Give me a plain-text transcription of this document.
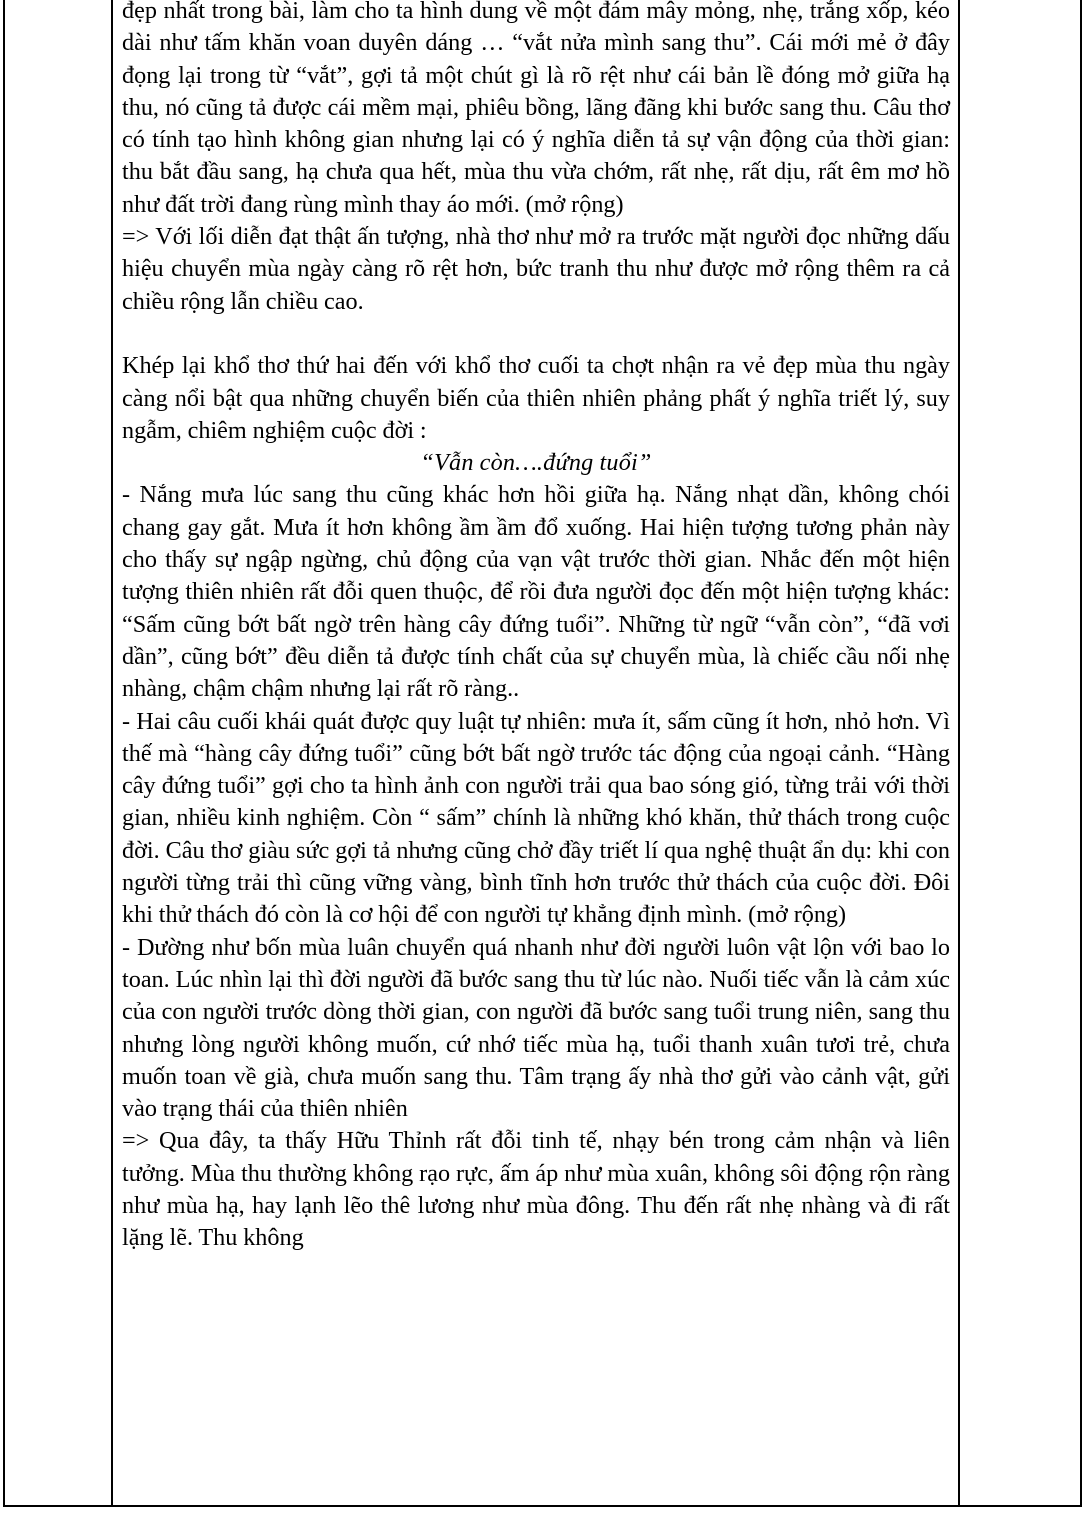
đẹp nhất trong bài, làm cho ta hình dung về một đám mây mỏng, nhẹ, trắng xốp, kéo dài như tấm khăn voan duyên dáng … “vắt nửa mình sang thu”. Cái mới mẻ ở đây đọng lại trong từ “vắt”, gợi tả một chút gì là rõ rệt như cái bản lề đóng mở giữa hạ thu, nó cũng tả được cái mềm mại, phiêu bồng, lãng đãng khi bước sang thu. Câu thơ có tính tạo hình không gian nhưng lại có ý nghĩa diễn tả sự vận động của thời gian: thu bắt đầu sang, hạ chưa qua hết, mùa thu vừa chớm, rất nhẹ, rất dịu, rất êm mơ hồ như đất trời đang rùng mình thay áo mới. (mở rộng)

=> Với lối diễn đạt thật ấn tượng, nhà thơ như mở ra trước mặt người đọc những dấu hiệu chuyển mùa ngày càng rõ rệt hơn, bức tranh thu như được mở rộng thêm ra cả chiều rộng lẫn chiều cao.

Khép lại khổ thơ thứ hai đến với khổ thơ cuối ta chợt nhận ra vẻ đẹp mùa thu ngày càng nổi bật qua những chuyển biến của thiên nhiên phảng phất ý nghĩa triết lý, suy ngẫm, chiêm nghiệm cuộc đời :

“Vẫn còn….đứng tuổi”

- Nắng mưa lúc sang thu cũng khác hơn hồi giữa hạ. Nắng nhạt dần, không chói chang gay gắt. Mưa ít hơn không ầm ầm đổ xuống. Hai hiện tượng tương phản này cho thấy sự ngập ngừng, chủ động của vạn vật trước thời gian. Nhắc đến một hiện tượng thiên nhiên rất đỗi quen thuộc, để rồi đưa người đọc đến một hiện tượng khác: “Sấm cũng bớt bất ngờ trên hàng cây đứng tuổi”. Những từ ngữ “vẫn còn”, “đã vơi dần”, cũng bớt” đều diễn tả được tính chất của sự chuyển mùa, là chiếc cầu nối nhẹ nhàng, chậm chậm nhưng lại rất rõ ràng..

- Hai câu cuối khái quát được quy luật tự nhiên: mưa ít, sấm cũng ít hơn, nhỏ hơn. Vì thế mà “hàng cây đứng tuổi” cũng bớt bất ngờ trước tác động của ngoại cảnh. “Hàng cây đứng tuổi” gợi cho ta hình ảnh con người trải qua bao sóng gió, từng trải với thời gian, nhiều kinh nghiệm. Còn “ sấm” chính là những khó khăn, thử thách trong cuộc đời. Câu thơ giàu sức gợi tả nhưng cũng chở đầy triết lí qua nghệ thuật ẩn dụ: khi con người từng trải thì cũng vững vàng, bình tĩnh hơn trước thử thách của cuộc đời. Đôi khi thử thách đó còn là cơ hội để con người tự khẳng định mình. (mở rộng)

- Dường như bốn mùa luân chuyển quá nhanh như đời người luôn vật lộn với bao lo toan. Lúc nhìn lại thì đời người đã bước sang thu từ lúc nào. Nuối tiếc vẫn là cảm xúc của con người trước dòng thời gian, con người đã bước sang tuổi trung niên, sang thu nhưng lòng người không muốn, cứ nhớ tiếc mùa hạ, tuổi thanh xuân tươi trẻ, chưa muốn toan về già, chưa muốn sang thu. Tâm trạng ấy nhà thơ gửi vào cảnh vật, gửi vào trạng thái của thiên nhiên

=> Qua đây, ta thấy Hữu Thỉnh rất đỗi tinh tế, nhạy bén trong cảm nhận và liên tưởng. Mùa thu thường không rạo rực, ấm áp như mùa xuân, không sôi động rộn ràng như mùa hạ, hay lạnh lẽo thê lương như mùa đông. Thu đến rất nhẹ nhàng và đi rất lặng lẽ. Thu không
